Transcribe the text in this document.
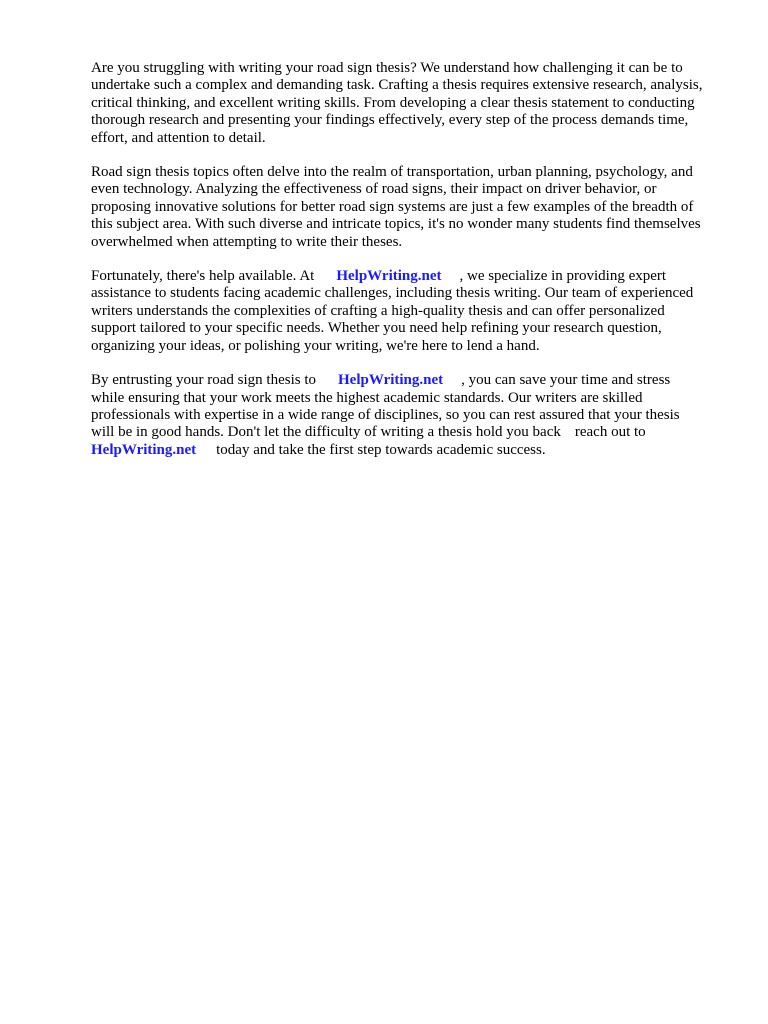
Are you struggling with writing your road sign thesis? We understand how challenging it can be to
undertake such a complex and demanding task. Crafting a thesis requires extensive research, analysis,
critical thinking, and excellent writing skills. From developing a clear thesis statement to conducting
thorough research and presenting your findings effectively, every step of the process demands time,
effort, and attention to detail.

Road sign thesis topics often delve into the realm of transportation, urban planning, psychology, and
even technology. Analyzing the effectiveness of road signs, their impact on driver behavior, or
proposing innovative solutions for better road sign systems are just a few examples of the breadth of
this subject area. With such diverse and intricate topics, it's no wonder many students find themselves
overwhelmed when attempting to write their theses.

Fortunately, there's help available. At HelpWriting.net , we specialize in providing expert
assistance to students facing academic challenges, including thesis writing. Our team of experienced
writers understands the complexities of crafting a high-quality thesis and can offer personalized
support tailored to your specific needs. Whether you need help refining your research question,
organizing your ideas, or polishing your writing, we're here to lend a hand.

By entrusting your road sign thesis to HelpWriting.net , you can save your time and stress
while ensuring that your work meets the highest academic standards. Our writers are skilled
professionals with expertise in a wide range of disciplines, so you can rest assured that your thesis
will be in good hands. Don't let the difficulty of writing a thesis hold you back reach out to
HelpWriting.net today and take the first step towards academic success.
